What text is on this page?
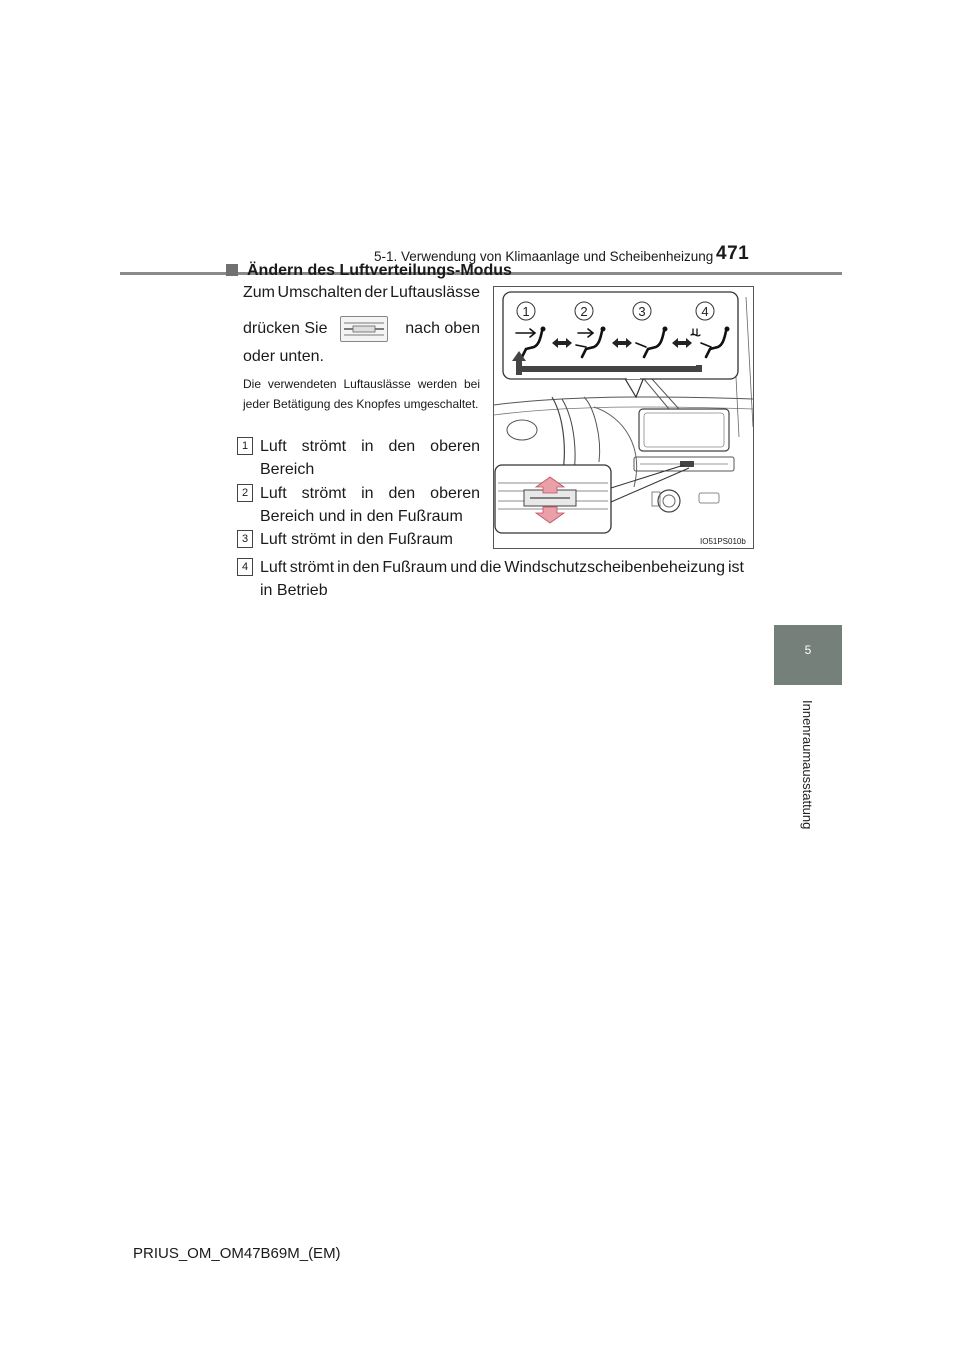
5-1. Verwendung von Klimaanlage und Scheibenheizung 471
5
Innenraumausstattung
Ändern des Luftverteilungs-Modus
Zum Umschalten der Luftauslässe
drücken Sie	nach oben
oder unten.
Die verwendeten Luftauslässe werden bei jeder Betätigung des Knopfes umgeschaltet.
1 Luft strömt in den oberen
Bereich
2 Luft strömt in den oberen
Bereich und in den Fußraum
3 Luft strömt in den Fußraum
4 Luft strömt in den Fußraum und die Windschutzscheibenbeheizung ist
in Betrieb
1	2	3	4
IO51PS010b
PRIUS_OM_OM47B69M_(EM)
